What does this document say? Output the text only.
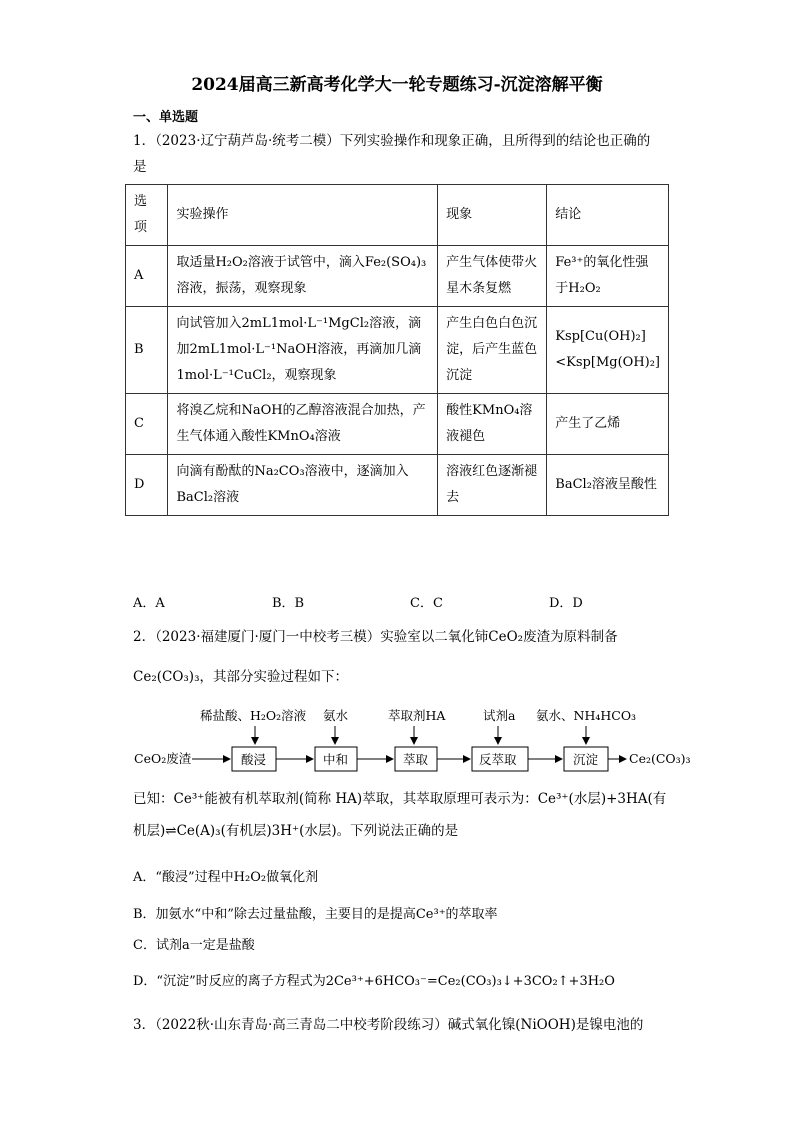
2024届高三新高考化学大一轮专题练习-沉淀溶解平衡
一、单选题
1．（2023·辽宁葫芦岛·统考二模）下列实验操作和现象正确，且所得到的结论也正确的
是
选项	实验操作	现象	结论
A	取适量H₂O₂溶液于试管中，滴入Fe₂(SO₄)₃溶液，振荡，观察现象	产生气体使带火星木条复燃	Fe³⁺的氧化性强于H₂O₂
B	向试管加入2mL1mol·L⁻¹MgCl₂溶液，滴加2mL1mol·L⁻¹NaOH溶液，再滴加几滴1mol·L⁻¹CuCl₂，观察现象	产生白色白色沉淀，后产生蓝色沉淀	Ksp[Cu(OH)₂]<Ksp[Mg(OH)₂]
C	将溴乙烷和NaOH的乙醇溶液混合加热，产生气体通入酸性KMnO₄溶液	酸性KMnO₄溶液褪色	产生了乙烯
D	向滴有酚酞的Na₂CO₃溶液中，逐滴加入BaCl₂溶液	溶液红色逐渐褪去	BaCl₂溶液呈酸性
A．A	B．B	C．C	D．D
2．（2023·福建厦门·厦门一中校考三模）实验室以二氧化铈CeO₂废渣为原料制备
Ce₂(CO₃)₃，其部分实验过程如下：
稀盐酸、H₂O₂溶液 氨水	萃取剂HA	试剂a 氨水、NH₄HCO₃
CeO₂废渣	酸浸	中和	萃取	反萃取	沉淀 Ce₂(CO₃)₃
已知：Ce³⁺能被有机萃取剂(简称 HA)萃取，其萃取原理可表示为：Ce³⁺(水层)+3HA(有
机层)⇌Ce(A)₃(有机层)3H⁺(水层)。下列说法正确的是
A．“酸浸”过程中H₂O₂做氧化剂
B．加氨水“中和”除去过量盐酸，主要目的是提高Ce³⁺的萃取率
C．试剂a一定是盐酸
D．“沉淀”时反应的离子方程式为2Ce³⁺+6HCO₃⁻=Ce₂(CO₃)₃↓+3CO₂↑+3H₂O
3．（2022秋·山东青岛·高三青岛二中校考阶段练习）碱式氧化镍(NiOOH)是镍电池的
